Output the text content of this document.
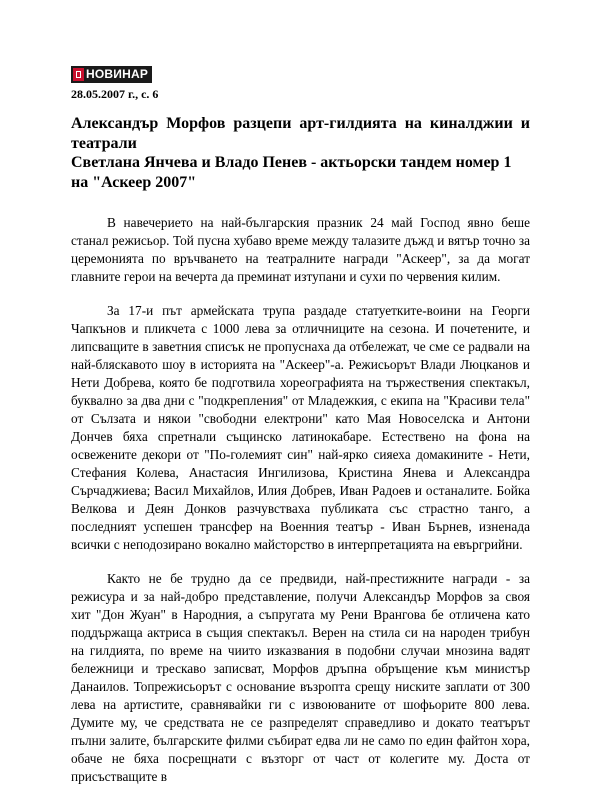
НОВИНАР
28.05.2007 г., с. 6
Александър Морфов разцепи арт-гилдията на киналджии и театрали
Светлана Янчева и Владо Пенев - актьорски тандем номер 1 на "Аскеер 2007"

В навечерието на най-българския празник 24 май Господ явно беше станал режисьор. Той пусна хубаво време между талазите дъжд и вятър точно за церемонията по връчването на театралните награди "Аскеер", за да могат главните герои на вечерта да преминат изтупани и сухи по червения килим.

За 17-и път армейската трупа раздаде статуетките-воини на Георги Чапкънов и пликчета с 1000 лева за отличниците на сезона. И почетените, и липсващите в заветния списък не пропуснаха да отбележат, че сме се радвали на най-бляскавото шоу в историята на "Аскеер"-а. Режисьорът Влади Люцканов и Нети Добрева, която бе подготвила хореографията на тържествения спектакъл, буквално за два дни с "подкрепления" от Младежкия, с екипа на "Красиви тела" от Сълзата и някои "свободни електрони" като Мая Новоселска и Антони Дончев бяха спретнали същинско латинокабаре. Естествено на фона на освежените декори от "По-големият син" най-ярко сияеха домакините - Нети, Стефания Колева, Анастасия Ингилизова, Кристина Янева и Александра Сърчаджиева; Васил Михайлов, Илия Добрев, Иван Радоев и останалите. Бойка Велкова и Деян Донков разчувстваха публиката със страстно танго, а последният успешен трансфер на Военния театър - Иван Бърнев, изненада всички с неподозирано вокално майсторство в интерпретацията на евъргрийни.

Както не бе трудно да се предвиди, най-престижните награди - за режисура и за най-добро представление, получи Александър Морфов за своя хит "Дон Жуан" в Народния, а съпругата му Рени Врангова бе отличена като поддържаща актриса в същия спектакъл. Верен на стила си на народен трибун на гилдията, по време на чиито изказвания в подобни случаи мнозина вадят бележници и трескаво записват, Морфов дръпна обръщение към министър Данаилов. Топрежисьорът с основание възропта срещу ниските заплати от 300 лева на артистите, сравнявайки ги с извоюваните от шофьорите 800 лева. Думите му, че средствата не се разпределят справедливо и докато театърът пълни залите, българските филми събират едва ли не само по един файтон хора, обаче не бяха посрещнати с възторг от част от колегите му. Доста от присъстващите в
